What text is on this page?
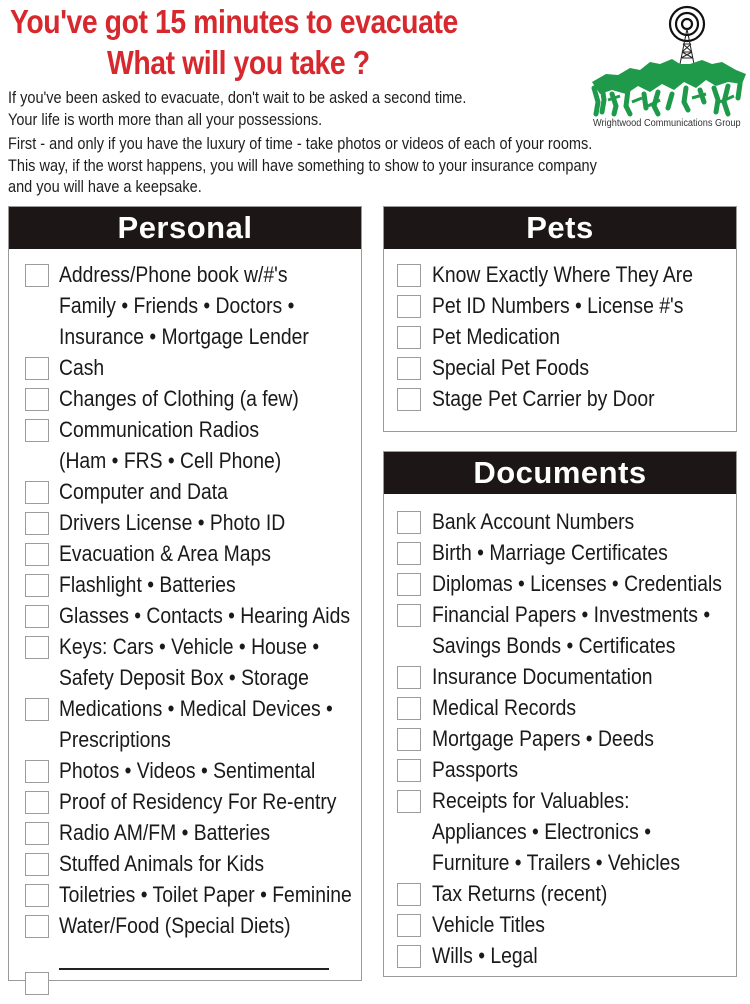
You've got 15 minutes to evacuate
What will you take ?
If you've been asked to evacuate, don't wait to be asked a second time.
Your life is worth more than all your possessions.
First - and only if you have the luxury of time - take photos or videos of each of your rooms.
This way, if the worst happens, you will have something to show to your insurance company
and you will have a keepsake.
Wrightwood Communications Group
Personal
Address/Phone book w/#'s
Family • Friends • Doctors •
Insurance • Mortgage Lender
Cash
Changes of Clothing (a few)
Communication Radios
(Ham • FRS • Cell Phone)
Computer and Data
Drivers License • Photo ID
Evacuation & Area Maps
Flashlight • Batteries
Glasses • Contacts • Hearing Aids
Keys: Cars • Vehicle • House •
Safety Deposit Box • Storage
Medications • Medical Devices •
Prescriptions
Photos • Videos • Sentimental
Proof of Residency For Re-entry
Radio AM/FM • Batteries
Stuffed Animals for Kids
Toiletries • Toilet Paper • Feminine
Water/Food (Special Diets)
Pets
Know Exactly Where They Are
Pet ID Numbers • License #'s
Pet Medication
Special Pet Foods
Stage Pet Carrier by Door
Documents
Bank Account Numbers
Birth • Marriage Certificates
Diplomas • Licenses • Credentials
Financial Papers • Investments •
Savings Bonds • Certificates
Insurance Documentation
Medical Records
Mortgage Papers • Deeds
Passports
Receipts for Valuables:
Appliances • Electronics •
Furniture • Trailers • Vehicles
Tax Returns (recent)
Vehicle Titles
Wills • Legal
